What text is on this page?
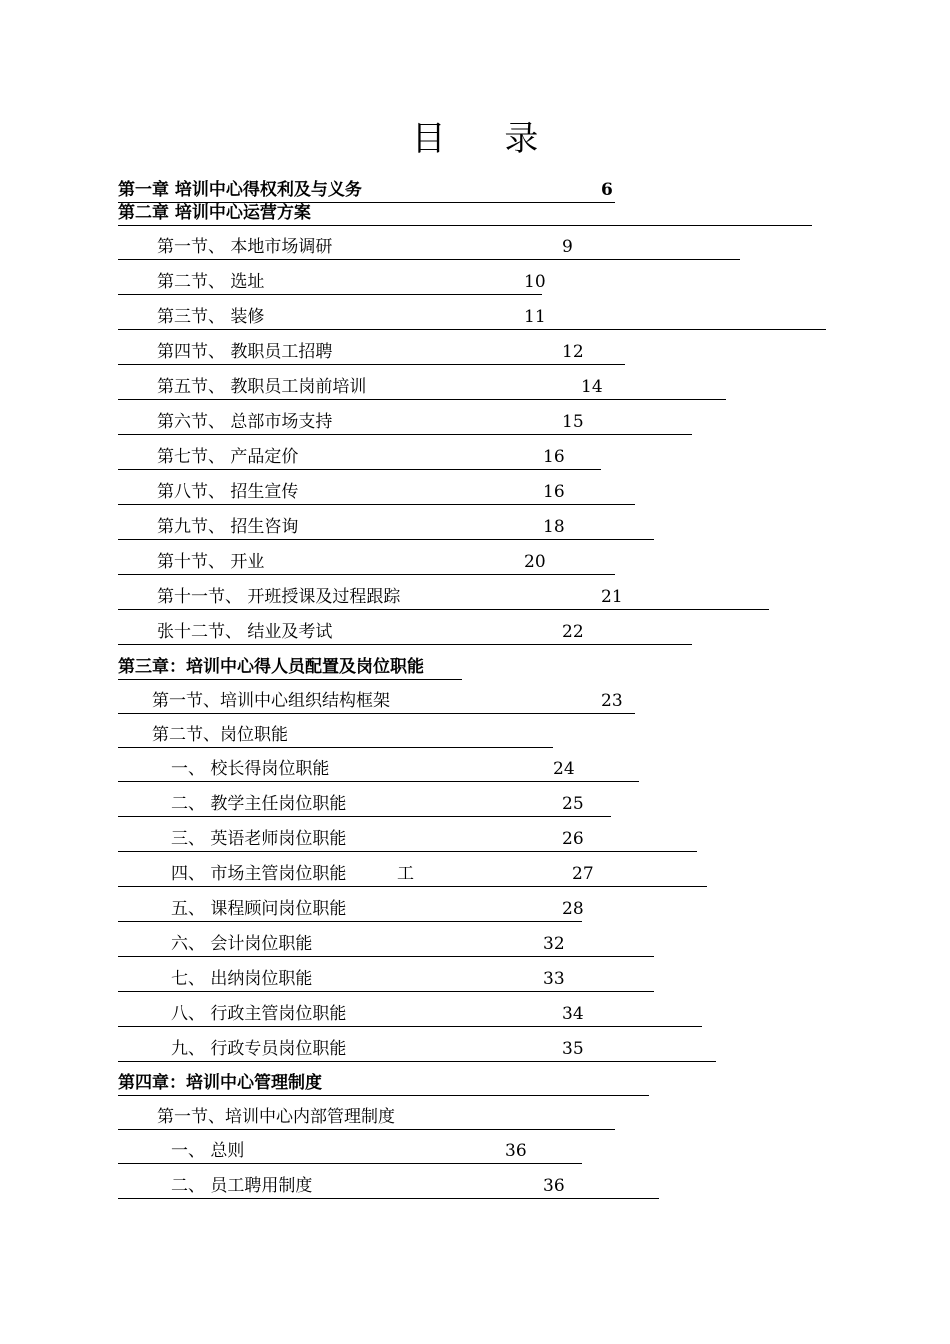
目 录
第一章 培训中心得权利及与义务	6
第二章 培训中心运营方案
第一节、 本地市场调研	9
第二节、 选址	10
第三节、 装修	11
第四节、 教职员工招聘	12
第五节、 教职员工岗前培训	14
第六节、 总部市场支持	15
第七节、 产品定价	16
第八节、 招生宣传	16
第九节、 招生咨询	18
第十节、 开业	20
第十一节、 开班授课及过程跟踪	21
张十二节、 结业及考试	22
第三章：培训中心得人员配置及岗位职能
第一节、培训中心组织结构框架	23
第二节、岗位职能
一、 校长得岗位职能	24
二、 教学主任岗位职能	25
三、 英语老师岗位职能	26
四、 市场主管岗位职能	工	27
五、 课程顾问岗位职能	28
六、 会计岗位职能	32
七、 出纳岗位职能	33
八、 行政主管岗位职能	34
九、 行政专员岗位职能	35
第四章：培训中心管理制度
第一节、培训中心内部管理制度
一、 总则	36
二、 员工聘用制度	36
